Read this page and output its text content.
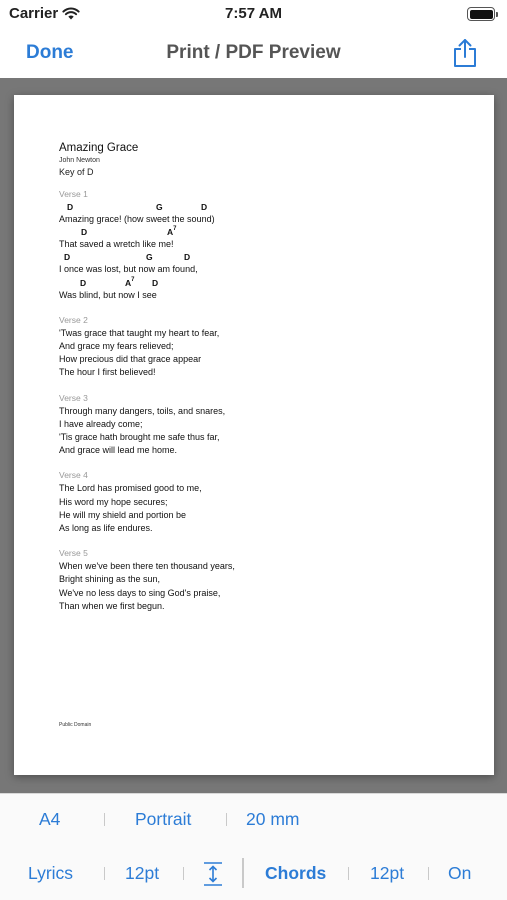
Carrier	7:57 AM
Done	Print / PDF Preview
Amazing Grace
John Newton
Key of D
Verse 1
D	G	D
Amazing grace! (how sweet the sound)
D	$A^7$
That saved a wretch like me!
D	G	D
I once was lost, but now am found,
D	$A^7$ D
Was blind, but now I see
Verse 2
'Twas grace that taught my heart to fear,
And grace my fears relieved;
How precious did that grace appear
The hour I first believed!
Verse 3
Through many dangers, toils, and snares,
I have already come;
'Tis grace hath brought me safe thus far,
And grace will lead me home.
Verse 4
The Lord has promised good to me,
His word my hope secures;
He will my shield and portion be
As long as life endures.
Verse 5
When we've been there ten thousand years,
Bright shining as the sun,
We've no less days to sing God's praise,
Than when we first begun.
Public Domain
A4	Portrait	20 mm
Lyrics	12pt	Chords	12pt	On
